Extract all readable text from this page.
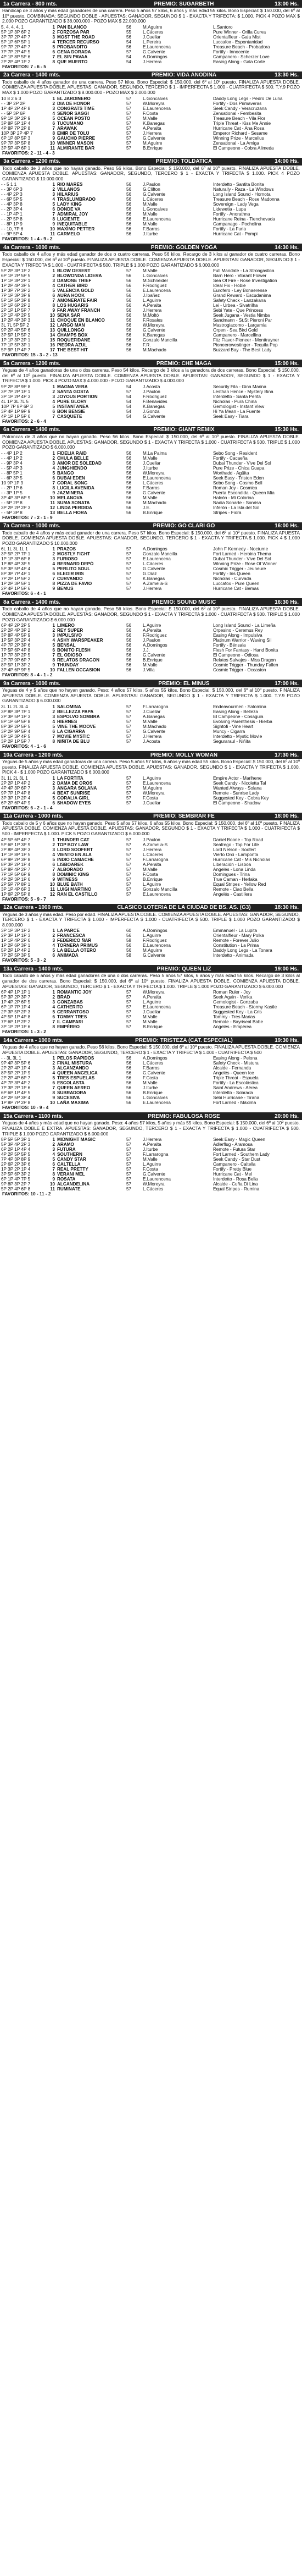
1a Carrera - 800 mts.	PREMIO: SUGARBETH	13:00 Hs.
Handicap de 3 años y más edad ganadores de una carrera. Peso 5 años 57 kilos, 6 años y más edad 55 kilos. Bono Especial: $ 150.000, del 6º al 10º puesto. COMBINADA: SEGUNDO DOBLE - APUESTAS: GANADOR, SEGUNDO $ 1 - EXACTA Y TRIFECTA: $ 1.000. PICK 4 POZO MAX $ 2.000 POZO GARANTIZADO $ 38.000.000 - POZO MAX $ 22.000.000
5, 4, 4, 4, 1	1	PAN BLANCO	56	M.Aguirre	L.Santoro
5P 1P 3P 6P 2	2	FORZOSA PAR	55	L.Cáceres	Pure Winner - Orilla Curva
3P 7P 2P 4P 7	3	MOST THE ROAD	56	J.Cuellar	Orientalfleur - Gala Mist
5P 1P 6P 5P 1	4	TERCER RECURSO	54	L.Pereira	Luccafox - Espontanidad
9P 7P 2P 4P 7	5	PROBANDITO	56	E.Laurencena	Treasure Beach - Probadora
7P 7P 2P 4P 5	6	GENA DORADA	57	G.Calvente	Fortify - Innocente
4P 1P 8P 5P 6	7	EL SIN PAVAA	54	A.Domingos	Campanero - Scherzer Love
2P 2P 4P 1P 2	8	QUE MUERTO	54	J.Herrera	Easing Along - Gala Corte
FAVORITOS: 7 - 6 - 5
2a Carrera - 1400 mts.	PREMIO: VIDA ANODINA	13:30 Hs.
Todo caballo de 4 años ganador de una carrera. Peso 57 kilos. Bono Especial: $ 150.000, del 6º al 10º puesto. FINALIZA APUESTA DOBLE. COMIENZA APUESTA DOBLE. APUESTAS: GANADOR, SEGUNDO, TERCERO $ 1 - IMPERFECTA $ 1.000 - CUATRIFECTA $ 500. T.Y.9 POZO MAX $ 1.000 POZO GARANTIZADO $ 8.000.000 - POZO MAX $ 2.000.000
10 8 2 6 3	1	EL JARDINERO	57	L.Goncalves	Daddy Long Legs - Pedro De Luna
- - 3P 2P 2P	2	DIA DE HONOR	57	W.Moreyra	Fortify - Dos Primaveras
1P 4P 2P 4P 8	3	CONGRATS TIME	57	E.Laurencena	Seek Candy - Veracruzana
- - 5P 3P 6P	4	SEÑOR SAGGI	57	F.Costa	Zensational - Fembesita
9P 1P 3P 2P 9	5	OCEAN POSTO	57	M.Valle	Treasure Beach - Vila Flor
3P 8P 5P 1P 4	6	TUCUMANO	57	K.Banegas	Triple Threat - Kiss Me Annie
4P 8P 7P 2P 8	7	ARAWAK	57	A.Peralta	Hurricane Cat - Ana Rosa
10P 3P 2P 4P 7	8	EMIR DE TOLÚ	57	J.Herrera	Emperor Richard - Sesame
6P 1P 8P 5P 3	9	GAUCHO PIERRE	57	G.Calvente	Winning Prize - Marcellus
9P 7P 3P 5P 8	10	WINNER MASON	57	M.Aguirre	Zensational - La Amiga
3P 5P 4P 6P 1	11	ALMIRANTE BAR	57	B.Enrique	El Campeone - Cobra Alimeda
FAVORITOS: 2 - 11 - 4 - 3
3a Carrera - 1200 mts.	PREMIO: TOLDATICA	14:00 Hs.
Todo caballo de 3 años que no hayan ganado. Peso 56 kilos. Bono Especial: $ 150.000, del 6º al 10º puesto. FINALIZA APUESTA DOBLE. COMIENZA APUESTA DOBLE. APUESTAS: GANADOR, SEGUNDO, TERCERO $ 1 - EXACTA Y TRIFECTA $ 1.000. PICK 4 POZO GARANTIZADO $ 10.000.000
- - 5 1 1	1	RIO MARÉS	56	J.Paulon	Interdetto - Santita Bonita
- - 3P 6P 3	2	VILLANOS	56	G.Clifton	Naturally - Raza - La Windows
- - 4P 2P 3	3	HILARIUS	56	G.Calvente	Long Island Sound - Hornota
- - 6P 5P 5	4	TRASLUMBRADO	56	L.Cáceres	Treasure Beach - Rose Madonna
- - 4P 3P 8	5	LADY KING	56	M.Valle	Sovereign - Lady Vega
- - 2P 3P 4	6	DONDE VA	56	L.Goncalves	Lidewetia - Lupa
- - 1P 4P 1	7	ADMIRAL JOY	56	M.Valle	Fortify - Anorathna
- - 2P 5P 8	8	LUCIENTE	56	E.Laurencena	Hurricane Reina - Tienchevada
- - 8P 1P 9	9	INEQUITABLE	56	M.Valle	Campanago - Pocholina
- - 10, 7P 6	10	MAXIMO PETTER	56	F.Barros	Fortify - La Furia
- - 9P 5P 4	11	CARMELO	56	J.Iturbe	Hurricane Cat - Pompi
FAVORITOS: 1 - 4 - 9 - 2
4a Carrera - 1000 mts.	PREMIO: GOLDEN YOGA	14:30 Hs.
Todo caballo de 4 años y más edad ganador de dos o cuatro carreras. Peso 56 kilos. Recargo de 3 kilos al ganador de cuatro carreras. Bono Especial: $ 150.000, del 6º al 10º puesto. FINALIZA APUESTA DOBLE. COMIENZA APUESTA DOBLE. APUESTAS: GANADOR, SEGUNDO $ 1 - EXACTA Y TRIFECTA $ 1.000 - CUATRIFECTA $ 500. TRIPLE $ 1.000 POZO GARANTIZADO $ 6.000.000
5P 2P 3P 1P 2	1	BLOW DESERT	57	M.Valle	Full Mandate - La Strongastica
6P 1P 2P 5P 5	2	BLOWONDA LIDERA	56	L.Goncalves	Barn Hero - Vibrant Flower
1P 1P 3P 2P 1	3	DAMONE THIEF	56	M.Schneider	Sea Of Fire - Rose Investigation
1P 2P 4P 3P 5	4	CATHER BIRD	56	F.Rodriguez	Ideal Fix - Hobie
1P 3P 7P 3P 2	5	VALENCIA GOLD	56	E.Laurencena	Eurofero - Ley Bonaerense
7P 1P 3P 3P 9	6	AURA HOOK	56	J.Ibañez	Grand Reward - Escudanima
5P 1P 5P 3P 8	7	AMONERATE FAIR	56	L.Aguirre	Safety Check - Lanzakana
3P 1P 6P 2P 2	8	LOS HUGARIS	56	A.Peralta	Lei - Urbea - Sivatrilha
2P 1P 1P 5P 7	9	FAR AWAY FRANCH	56	J.Herrera	Sebi Yate - Que Princess
2P 1P 4P 2P 5	10	SEÑA SAR	56	M.Moltó	Seek Jugana - Vestia Nimba
1P 2P 4P 3P 3	11	CHOQUE EN BLANCO	56	F.Rosales	Sandmann - St.St Pieroni Par
3L 7L 5P 5P 2	12	LARGO MAN	56	W.Moreyra	Mastrogiacomo - Largamia
9P 2P 4P 5P 6	13	QUILLONGO	56	G.Calvente	Orpen - Sea Bird Gold
3P 5P 1P 5P 2	14	CHAMPS BOX	56	K.Banegas	Campanero - Marcellina
1P 1P 3P 2P 1	15	ROQUEFIDANE	56	Gonzalo Mancilla	Fitz Flavor-Pioneer - Monttrayner
7P 1P 5P 3P 1	16	PIEDRA AZUL	56	F.R.	Pioneerowestinger - Tequila Pop
5P 9P 1P 4P 7	17	THE BEST HIT	56	M.Machado	Buzzard Bay - The Best Lady
FAVORITOS: 15 - 3 - 2 - 13
5a Carrera - 1200 mts.	PREMIO: CHE MAGA	15:00 Hs.
Yeguas de 4 años ganadoras de una o dos carreras. Peso 54 kilos. Recargo de 3 kilos a la ganadora de dos carreras. Bono Especial: $ 150.000, del 6º al 10º puesto. FINALIZA APUESTA DOBLE. COMIENZA APUESTA DOBLE. APUESTAS: GANADOR, SEGUNDO $ 1 - EXACTA Y TRIFECTA $ 1.000. PICK 4 POZO MAX $ 4.000.000 - POZO GARANTIZADO $ 4.000.000
9P 2P 8P 9P 8	1	MAGNA VERA	54	J.Acosta	Security Fila - Gina Marina
3P 7P 2P 1P 1	2	SANTA GOSTA	57	J.Paulon	Lesthan Hence - Mystery Bina
3P 1P 2P 4P 3	3	JOYOUS PORTION	54	F.Rodriguez	Interdetto - Santa Perita
4L 1P 3L 7L 5	4	PURE GLORY	54	F.Benavides	Nicholas - Pura China
10P 7P 8P 6P 3	5	INSTANTANEA	54	K.Banegas	Gemologist - Instant View
3P 4P 1P 9P 9	6	BON BENSIE	54	J.Gonza	Hi Ya Mean - La Fuente
4P 1P 1P 5P 6	7	CASQUETE	54	G.Calvente	Seek Easy - Tiara
FAVORITOS: 2 - 6 - 4
6a Carrera - 1400 mts.	PREMIO: GIANT REMIX	15:30 Hs.
Potrancas de 3 años que no hayan ganado. Peso 56 kilos. Bono Especial: $ 150.000, del 6º al 10º puesto. FINALIZA APUESTA DOBLE. COMIENZA APUESTA DOBLE. APUESTAS: GANADOR, SEGUNDO $ 1 - EXACTA Y TRIFECTA $ 1.000 - CUATRIFECTA $ 500. TRIPLE $ 1.000 POZO GARANTIZADO $ 6.000.000
- - 4P 1P 2	1	FIDELIA RAID	56	M.La Palma	Sebo Song - Resident
- - 4P 1P 2	2	CHULA BELLE	56	M.Valle	Fortify - Cacaeña
- - 9P 3P 4	3	AMOR DE SOLEDAD	56	J.Cuellar	Dubai Thunder - Vive Del Sol
- - 5P 4P 3	4	JUNGHIENDO	56	J.Iturbe	Pure Prize - Chica Guapa
- - 8P 5P 1	5	BANGO	56	W.Moreyra	Worthadd - Agüita
- - 6P 3P 5	6	DUBAI EDEN	56	E.Laurencena	Seek Easy - Triston Eden
10 9P 1P 9	7	CORAL SONG	56	L.Cáceres	Sebo Song - Cosmo Bell
- - 2P 1P 6	8	LUCILA AVENIDA	56	F.Barros	Roman Joy - Cosmica
- - 3P 1P 5	9	JAZMINERA	56	G.Calvente	Puerta Escondida - Queen Mia
3P 4P 3P 6P 9	10	MELANOVA	56	M.Valle	Halcón - Mi Colorina
- - 5P 2P 8	11	SUMA SONATA	56	M.Machado	Nadia Sonarte - Sonrisa
3P 2P 2P 2P 3	12	LINDA PERDIDA	56	J.E.	Inferón - La Isla del Sol
- - 5P 3P 8	13	BELLA FIORA	56	B.Enrique	Stripes - Fiora
FAVORITOS: 7 - 2 - 1 - 9
7a Carrera - 1000 mts.	PREMIO: GO CLARI GO	16:00 Hs.
Todo caballo de 4 años y más edad ganador de una carrera. Peso 57 kilos. Bono Especial: $ 150.000, del 6º al 10º puesto. FINALIZA APUESTA DOBLE. COMIENZA APUESTA DOBLE. APUESTAS: GANADOR, SEGUNDO, TERCERO $ 1 - EXACTA Y TRIFECTA $ 1.000. PICK 4 $ 1.000 POZO GARANTIZADO $ 10.000.000
6L 1L 3L 1L 1	1	PRAZOS	57	A.Domingos	John F Kennedy - Nocturne
3P 5P 2P 7P 1	2	MOSTLY FIGHT	57	Gonzalo Mancilla	Fort Larned - Heroina Thema
1P 1P 3P 6P 8	3	FURIOSO	57	E.Laurencena	Dubai Thunder - Vive Del Sol
1P 8P 4P 3P 5	4	BERNARD DEPÓ	57	L.Cáceres	Winning Prize - Rose Of Winner
5P 3P 5P 4P 4	5	PERLITO SOUL	57	G.Calvente	Cosmic Trigger - Jeuneure
8P 3P 7P 4P 1	6	ELEGIR IRIS	57	G.Díaz	Fortify - Iris Queen
7P 2P 1P 5P 2	7	CURVANDO	57	K.Banegas	Nicholas - Curvada
1P 2P 3P 5P 1	8	PIZZA DE FAVIO	57	A.Zamelia-S	Luccafox - Pure Queen
2P 4P 1P 5P 6	9	BEMUS	57	J.Herrera	Hurricane Cat - Bemas
FAVORITOS: 6 - 4 - 1
8a Carrera - 1400 mts.	PREMIO: SOUND MUSIC	16:30 Hs.
Todo caballo de 4 años que no hayan ganado. Peso 56 kilos. Bono Especial: $ 150.000, del 6º al 10º puesto. FINALIZA APUESTA DOBLE. COMIENZA APUESTA DOBLE. APUESTAS: GANADOR, SEGUNDO $ 1 - EXACTA Y TRIFECTA $ 1.000 - CUATRIFECTA $ 500. TRIPLE $ 1.000 POZO GARANTIZADO $ 6.000.000
6P 4P 2P 2P 5	1	LIMERO	56	L.Aguirre	Long Island Sound - La Limeña
2P 2P 4P 3P 2	2	REY SUPER	56	A.Peralta	Orpesino - Ceremus Rey
3P 8P 4P 5P 9	3	IMPULSIVO	56	F.Rodriguez	Easing Along - Impulsiva
1P 5P 3P 2P 4	4	ASHY WARSPEAKER	56	J.Paulon	Platinum Warrior - Waving Sil
4P 7P 2P 3P 6	5	BENSAL	56	A.Domingos	Fortify - Bénsala
7P 5P 6P 4P 8	6	BONITO FLESH	56	J.J.	Flesh For Fantasy - Hand Bonita
1P 7P 3P 2P 5	7	EL ODIOSO	56	G.Calvente	El Campeone - Odiosa
2P 7P 9P 6P 7	8	RELATOS DRAGON	56	B.Enrique	Relatos Salvajes - Miss Dragon
8P 5P 1P 3P 2	9	THUNDAY	56	M.Valle	Cosmic Trigger - Thunday Fallen
3P 4P 6P 9P 5	10	FALLEN OCCASION	56	J.Villa	Cosmic Trigger - Occasion
FAVORITOS: 8 - 4 - 1 - 2
9a Carrera - 1000 mts.	PREMIO: EL MINUS	17:00 Hs.
Yeguas de 4 y 5 años que no hayan ganado. Peso: 4 años 57 kilos, 5 años 55 kilos. Bono Especial: $ 150.000, del 6º al 10º puesto. FINALIZA APUESTA DOBLE. COMIENZA APUESTA DOBLE. APUESTAS: GANADOR, SEGUNDO $ 1 - EXACTA Y TRIFECTA $ 1.000. T.Y.9 POZO GARANTIZADO $ 6.000.000
3L 1L 2L 3L 4	1	SALOMINA	57	F.Larrarogna	Endeavourmen - Salomina
3P 8P 3P 7P 1	2	BELLEZZA PAPA	57	J.Cuellar	Easing Along - Belleza
2P 3P 5P 1P 3	3	ESPOLVO SOMBRA	57	A.Banegas	El Campeone - Cosaguia
8P 1P 6P 5P 8	4	HIERNES	57	M.Valle	Evolving Parenthesis - Hierba
8P 3P 2P 5P 5	5	VINE THE MOOVE	57	M.Machado	Sightofi - Vine Heart
3P 2P 9P 5P 4	6	LA CIGARRA	57	G.Calvente	Muncy - Cigarra
8P 1P 3P 4P 5	7	MOVIE MYSTIC	57	J.Herrera	Interdetto - Mystic Movie
3P 2P 1P 5P 7	8	NIÑITA DE BLU	57	J.Acosta	Seguraraul - Niñita
FAVORITOS: 4 - 1 - 6
10a Carrera - 1200 mts.	PREMIO: MOLLY WOMAN	17:30 Hs.
Yeguas de 5 años y más edad ganadoras de una carrera. Peso 5 años 57 kilos, 6 años y más edad 55 kilos. Bono Especial: $ 150.000, del 6º al 10º puesto. FINALIZA APUESTA DOBLE. COMIENZA APUESTA DOBLE. APUESTAS: GANADOR, SEGUNDO $ 1 - EXACTA Y TRIFECTA $ 1.000. PICK 4 - $ 1.000 POZO GARANTIZADO $ 6.000.000
3L 1L 2L 3L 1	1	LA FORTITA	57	L.Aguirre	Empire Actor - Marlhene
2P 2P 1P 4P 2	2	DAMA DE OROS	57	E.Laurencena	Seek Candy - Nicoletta Tal
4P 4P 3P 6P 7	3	ANGARA SOLANA	57	M.Aguirre	Wanted Always - Solana
9P 7P 1P 4P 8	4	BEAT SUNRISE	57	W.Moreyra	Remote - Sunrise Lady
3P 3P 1P 2P 4	5	CORALIA GIRL	57	F.Costa	Suggested Key - Cobra Key
6P 2P 6P 4P 9	6	SHADOW EYES	57	J.Cuellar	El Campeone - Shadow
FAVORITOS: 6 - 2 - 1 - 4
11a Carrera - 1000 mts.	PREMIO: SEMBRAR FE	18:00 Hs.
Todo caballo de 5 y 6 años que no hayan ganado. Peso 5 años 57 kilos, 6 años 55 kilos. Bono Especial: $ 150.000, del 6º al 10º puesto. FINALIZA APUESTA DOBLE. COMIENZA APUESTA DOBLE. APUESTAS: GANADOR, SEGUNDO $ 1 - EXACTA Y TRIFECTA $ 1.000 - CUATRIFECTA $ 500 - IMPERFECTA $ 1.000. PICK 5 POZO GARANTIZADO $ 6.000.000
4P 5P 6P 4P 7	1	THUNDER CAT	57	J.Paulon	Daniel Boone - Top Road
5P 6P 1P 3P 9	2	TOP BOY LAW	57	A.Zamelia-S	Seafrego - Top For Life
2P 8P 4P 3P 3	3	LORD SOOFERT	57	J.Herrera	Lord Nelson - Soofert
1P 1P 8P 1P 5	4	VIENTO EN ALA	57	L.Cáceres	Vierto Orci - Lamponta
6P 9P 2P 3P 8	5	INDIO CAMACHE	57	F.Larrarogna	Hurricane Cat - Mis Nicholas
8P 3P 2P 1P 4	6	LISBOAREK	57	A.Peralta	Liberación - Lisboa
5P 8P 4P 2P 7	7	ALBORADO	57	M.Valle	Angelés - Lona Linda
7P 1P 5P 6P 9	8	DOMINIC KING	57	F.Costa	Domingues - Trina
4P 2P 3P 1P 6	9	WITNESS	57	B.Enrique	True Caman - Herlaka
2P 5P 7P 8P 1	10	BLUE BATH	57	L.Aguirre	Equal Stripes - Yellow Red
3P 1P 4P 6P 3	11	LUIGI MARTINO	57	Gonzalo Mancilla	Remote - Ciao Bella
1P 6P 2P 5P 8	12	RAN EL CASTILLO	57	E.Laurencena	Angelés - Castillera
FAVORITOS: 5 - 9 - 7
12a Carrera - 1000 mts.	CLASICO LOTERIA DE LA CIUDAD DE BS. AS. (G3)	18:30 Hs.
Yeguas de 3 años y más edad. Peso por edad. FINALIZA APUESTA DOBLE. COMIENZA APUESTA DOBLE. APUESTAS: GANADOR, SEGUNDO, TERCERO $ 1 - EXACTA Y TRIFECTA $ 1.000 - IMPERFECTA $ 1.000 - CUATRIFECTA $ 500. TRIPLE $ 1.000 POZO GARANTIZADO $ 8.000.000
3P 1P 3P 1P 2	1	LA PARCE	60	A.Domingos	Emmanuel - La Lupita
2P 3P 1P 1P 3	2	FRANCESCA	56	L.Aguirre	Orientalfleur - Mary Polka
1P 1P 4P 2P 6	3	FEDERICO ÑAR	58	F.Rodriguez	Remote - Forever Julio
1P 2P 6P 3P 1	4	TORNERA PRIMUS	56	E.Laurencena	Constitution - La Prima
5P 2P 1P 4P 2	5	LA BELLA OTERO	56	M.Aguirre	Daddy Long Legs - La Tonera
7P 2P 5P 3P 5	6	ANIMADA	58	G.Calvente	Interdetto - Animada
FAVORITOS: 5 - 3 - 2
13a Carrera - 1400 mts.	PREMIO: QUEEN LIZ	19:00 Hs.
Todo caballo de 5 años y más edad ganadores de una o dos carreras. Peso 5 años 57 kilos, 6 años y más edad 55 kilos. Recargo de 3 kilos al ganador de dos carreras. Bono Especial: $ 150.000, del 6º al 10º puesto. FINALIZA APUESTA DOBLE. COMIENZA APUESTA DOBLE. APUESTAS: GANADOR, SEGUNDO, TERCERO $ 1 - EXACTA Y TRIFECTA $ 1.000. TRIPLE $ 1.000 POZO GARANTIZADO $ 6.000.000
6P 4P 1P 1P 1	1	ROMANTIC JOY	57	W.Moreyra	Roman Ruler - Joy
5P 3P 2P 3P 7	2	BRAD	57	A.Peralta	Seek Again - Verika
1P 4P 2P 6P 5	3	GONZABAS	57	L.Aguirre	Gemologist - Gonzaba
6P 1P 7P 1P 4	4	CATHERITO	57	E.Laurencena	Treasure Beach - Stormy Kastle
2P 3P 5P 2P 3	5	CERRANTOSO	57	J.Cuellar	Suggested Key - La Cris
4P 5P 1P 4P 8	6	TOMMY TRES	57	M.Valle	Tommy - Tres Marias
7P 6P 1P 2P 2	7	IL CAMPARI	57	M.Valle	Remote - Bayriseal Babe
3P 1P 2P 1P 6	8	EMPÉREO	57	B.Enrique	Angelés - Empérea
FAVORITOS: 1 - 3 - 2
14a Carrera - 1000 mts.	PREMIO: TRISTEZA (CAT. ESPECIAL)	19:30 Hs.
Yeguas de 4 años que no hayan ganado. Peso 56 kilos. Bono Especial: $ 150.000, del 6º al 10º puesto. FINALIZA APUESTA DOBLE. COMIENZA APUESTA DOBLE. APUESTAS: GANADOR, SEGUNDO, TERCERO $ 1 - EXACTA Y TRIFECTA $ 1.000 - CUATRIFECTA $ 500
- - 3L 3L 1	1	PELOS RAPIDOS	56	A.Domingos	Easing Along - Pelona
9P 4P 3P 5P 6	2	FINAL MISTURA	56	L.Cáceres	Safety Check - Mistura
2P 2P 4P 1P 4	3	ALCANZANDO	56	F.Barros	Alcaide - Fernanda
8P 5P 2P 1P 9	4	QUEEN ANGELICA	56	G.Calvente	Angelés - Queen Ice
2P 2P 4P 6P 7	5	TRES ESPUELAS	56	F.Costa	Triple Threat - Espuela
4P 7P 3P 4P 2	6	ESCOLASTA	56	M.Valle	Fortify - La Escolástica
7P 3P 2P 1P 6	7	QUEEN AEREO	56	J.Iturbe	Saint Andrews - Aérea
6P 6P 1P 4P 5	8	SUBRADORA	56	B.Enrique	Interdetto - Sobrada
4P 2P 5P 3P 4	9	SUCESIVA	56	L.Goncalves	Sebi Hurricane - Tirana
1P 8P 7P 2P 8	10	LAÑA MAXIMA	56	E.Laurencena	Fort Larned - Máxima
FAVORITOS: 10 - 9 - 4
15a Carrera - 1100 mts.	PREMIO: FABULOSA ROSE	20:00 Hs.
Yeguas de 4 años y más edad que no hayan ganado. Peso: 4 años 57 kilos, 5 años y más 55 kilos. Bono Especial: $ 150.000, del 6º al 10º puesto. FINALIZA DOBLE E EXTRA. APUESTAS: GANADOR, SEGUNDO, TERCERO $ 1 - EXACTA Y TRIFECTA $ 1.000 - CUATRIFECTA $ 500. TRIPLE $ 1.000 POZO GARANTIZADO $ 6.000.000
8P 5P 5P 3P 1	1	MIDNIGHT MAGIC	57	J.Herrera	Seek Easy - Magic Queen
5P 3P 4P 2P 3	2	ARAMO	57	A.Peralta	Adlerflug - Aramosa
6P 2P 1P 4P 4	3	FUTURA	57	J.Iturbe	Remote - Futura Star
4P 2P 5P 5P 5	4	SOUTHERN	57	F.Larrarogna	Fort Larned - Southern Lady
7P 4P 3P 8P 9	5	CANDY STAR	57	M.Valle	Seek Candy - Star Dust
2P 6P 2P 3P 6	6	CALTELLA	57	L.Aguirre	Campanero - Caltella
1P 3P 2P 1P 4	7	REAL PRETTY	57	F.Costa	Fortify - Pretty Blue
3P 5P 6P 3P 2	8	VERANI MEL	57	G.Calvente	Hurricane Cat - Mel
6P 1P 4P 7P 5	9	ROSATA	57	E.Laurencena	Interdetto - Rosa Bella
9P 8P 3P 2P 7	10	ALCANDELINA	57	W.Moreyra	Alcaide - Cuña Di Lina
5P 2P 4P 6P 8	11	RUMINATE	57	L.Cáceres	Equal Stripes - Rumina
FAVORITOS: 10 - 11 - 2
